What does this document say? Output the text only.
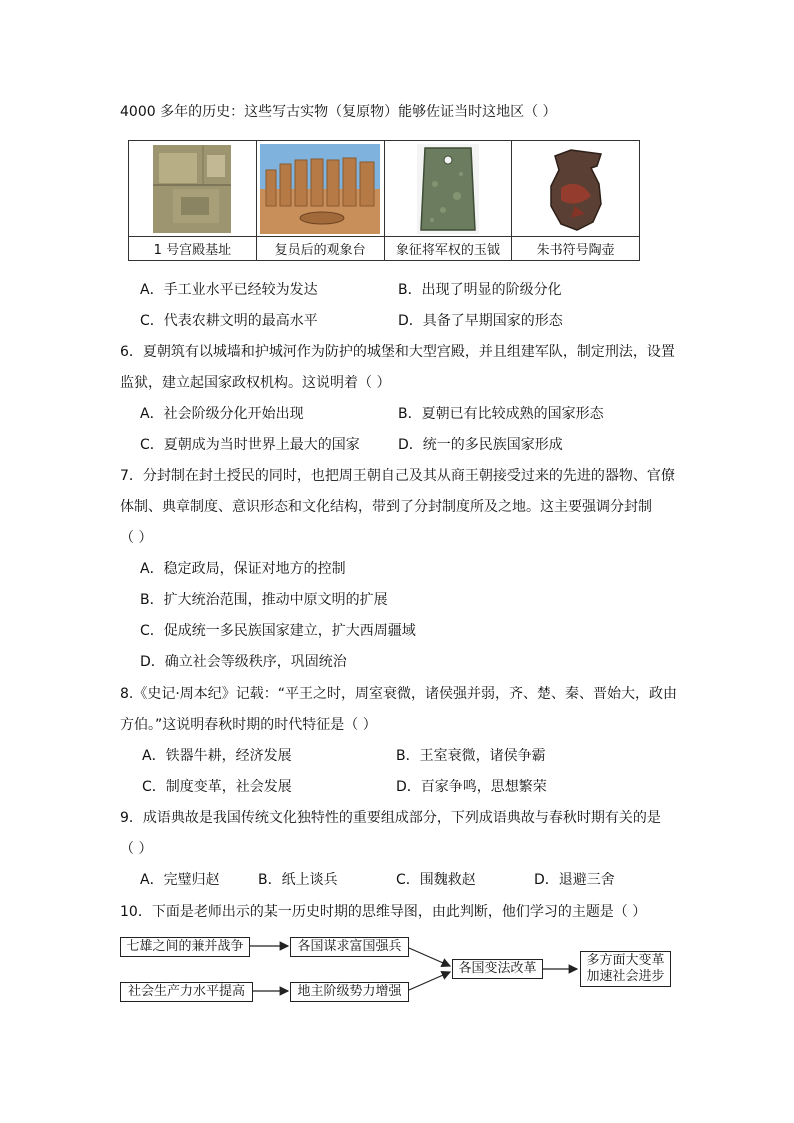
4000 多年的历史：这些写古实物（复原物）能够佐证当时这地区（ ）
1 号宫殿基址	复员后的观象台	象征将军权的玉钺	朱书符号陶壶
A．手工业水平已经较为发达	B．出现了明显的阶级分化
C．代表农耕文明的最高水平	D．具备了早期国家的形态
6．夏朝筑有以城墙和护城河作为防护的城堡和大型宫殿，并且组建军队，制定刑法，设置
监狱，建立起国家政权机构。这说明着（ ）
A．社会阶级分化开始出现	B．夏朝已有比较成熟的国家形态
C．夏朝成为当时世界上最大的国家	D．统一的多民族国家形成
7．分封制在封土授民的同时，也把周王朝自己及其从商王朝接受过来的先进的器物、官僚
体制、典章制度、意识形态和文化结构，带到了分封制度所及之地。这主要强调分封制
（ ）
A．稳定政局，保证对地方的控制
B．扩大统治范围，推动中原文明的扩展
C．促成统一多民族国家建立，扩大西周疆域
D．确立社会等级秩序，巩固统治
8.《史记·周本纪》记载：“平王之时，周室衰微，诸侯强并弱，齐、楚、秦、晋始大，政由
方伯。”这说明春秋时期的时代特征是（ ）
A．铁器牛耕，经济发展	B．王室衰微，诸侯争霸
C．制度变革，社会发展	D．百家争鸣，思想繁荣
9．成语典故是我国传统文化独特性的重要组成部分，下列成语典故与春秋时期有关的是
（ ）
A．完璧归赵	B．纸上谈兵	C．围魏救赵	D．退避三舍
10．下面是老师出示的某一历史时期的思维导图，由此判断，他们学习的主题是（ ）
七雄之间的兼并战争	各国谋求富国强兵
社会生产力水平提高	地主阶级势力增强
各国变法改革
多方面大变革
加速社会进步
